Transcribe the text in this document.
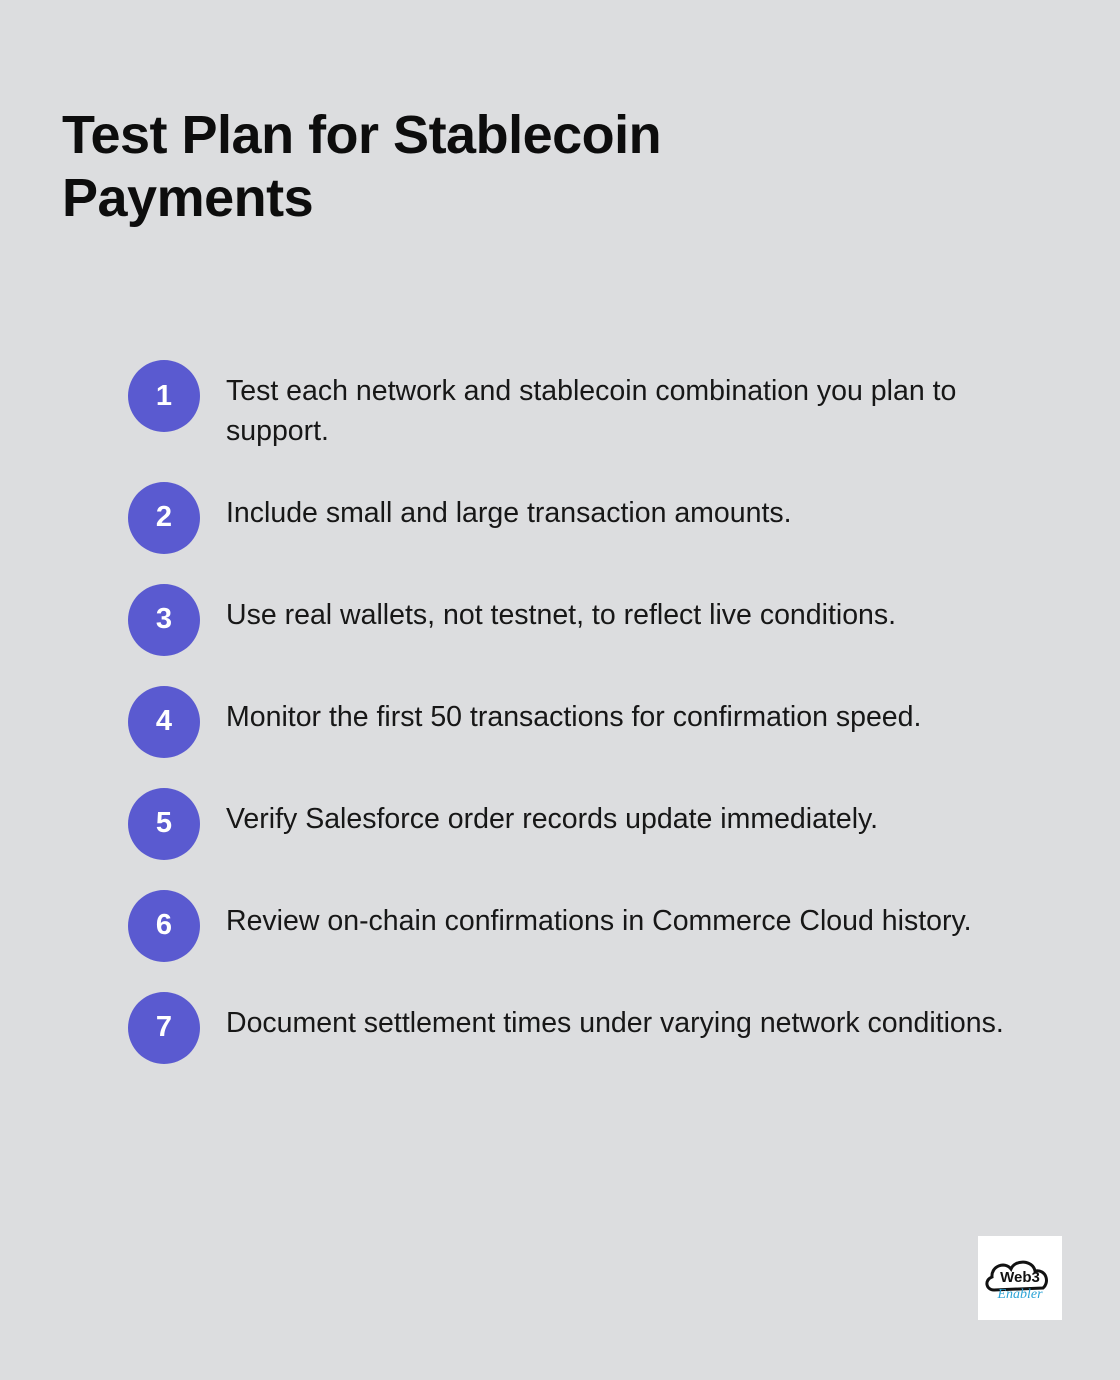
Test Plan for Stablecoin Payments
1	Test each network and stablecoin combination you plan to support.
2	Include small and large transaction amounts.
3	Use real wallets, not testnet, to reflect live conditions.
4	Monitor the first 50 transactions for confirmation speed.
5	Verify Salesforce order records update immediately.
6	Review on-chain confirmations in Commerce Cloud history.
7	Document settlement times under varying network conditions.
Web3
Enabler
